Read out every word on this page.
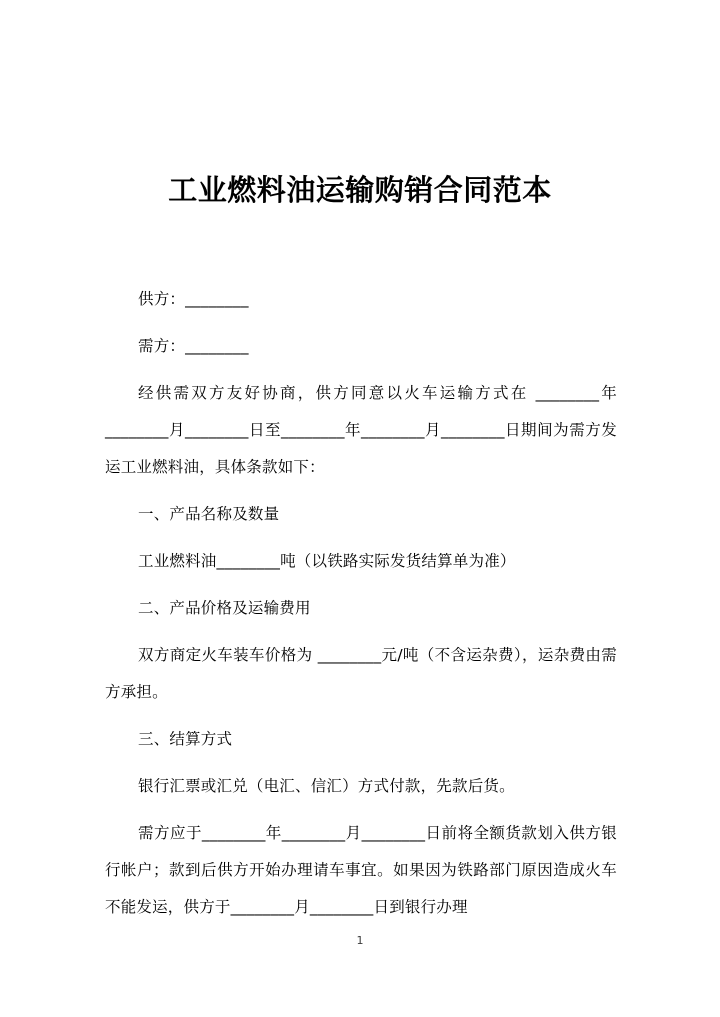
工业燃料油运输购销合同范本

供方：________

需方：________

经供需双方友好协商，供方同意以火车运输方式在 ________年________月________日至________年________月________日期间为需方发运工业燃料油，具体条款如下：

一、产品名称及数量

工业燃料油________吨（以铁路实际发货结算单为准）

二、产品价格及运输费用

双方商定火车装车价格为 ________元/吨（不含运杂费），运杂费由需方承担。

三、结算方式

银行汇票或汇兑（电汇、信汇）方式付款，先款后货。

需方应于________年________月________日前将全额货款划入供方银行帐户；款到后供方开始办理请车事宜。如果因为铁路部门原因造成火车不能发运，供方于________月________日到银行办理

1
